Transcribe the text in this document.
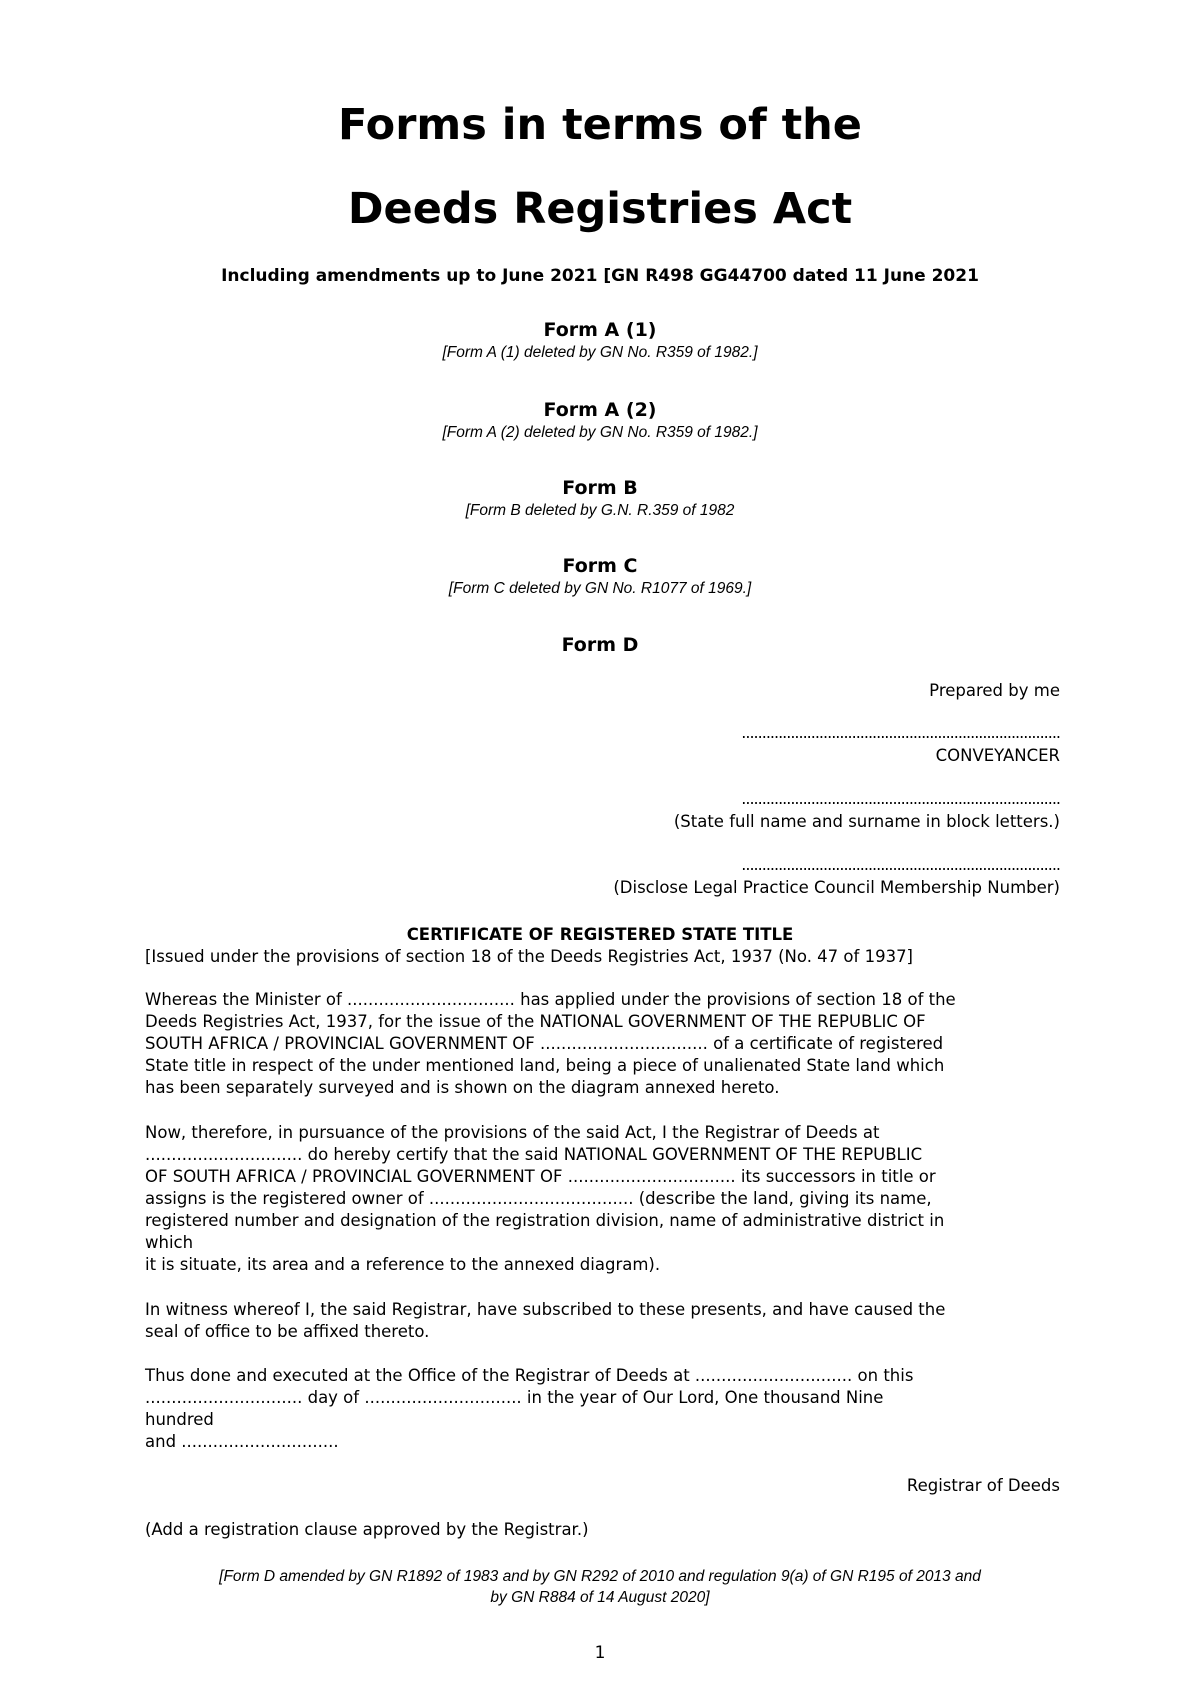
Forms in terms of the
Deeds Registries Act
Including amendments up to June 2021 [GN R498 GG44700 dated 11 June 2021
Form A (1)
[Form A (1) deleted by GN No. R359 of 1982.]
Form A (2)
[Form A (2) deleted by GN No. R359 of 1982.]
Form B
[Form B deleted by G.N. R.359 of 1982
Form C
[Form C deleted by GN No. R1077 of 1969.]
Form D
Prepared by me
..............................................................................
CONVEYANCER
..............................................................................
(State full name and surname in block letters.)
..............................................................................
(Disclose Legal Practice Council Membership Number)
CERTIFICATE OF REGISTERED STATE TITLE
[Issued under the provisions of section 18 of the Deeds Registries Act, 1937 (No. 47 of 1937]
Whereas the Minister of ................................ has applied under the provisions of section 18 of the
Deeds Registries Act, 1937, for the issue of the NATIONAL GOVERNMENT OF THE REPUBLIC OF
SOUTH AFRICA / PROVINCIAL GOVERNMENT OF ................................ of a certificate of registered
State title in respect of the under mentioned land, being a piece of unalienated State land which
has been separately surveyed and is shown on the diagram annexed hereto.
Now, therefore, in pursuance of the provisions of the said Act, I the Registrar of Deeds at
.............................. do hereby certify that the said NATIONAL GOVERNMENT OF THE REPUBLIC
OF SOUTH AFRICA / PROVINCIAL GOVERNMENT OF ................................ its successors in title or
assigns is the registered owner of ....................................... (describe the land, giving its name,
registered number and designation of the registration division, name of administrative district in
which
it is situate, its area and a reference to the annexed diagram).
In witness whereof I, the said Registrar, have subscribed to these presents, and have caused the
seal of office to be affixed thereto.
Thus done and executed at the Office of the Registrar of Deeds at .............................. on this
.............................. day of .............................. in the year of Our Lord, One thousand Nine
hundred
and ..............................
Registrar of Deeds
(Add a registration clause approved by the Registrar.)
[Form D amended by GN R1892 of 1983 and by GN R292 of 2010 and regulation 9(a) of GN R195 of 2013 and
by GN R884 of 14 August 2020]
1
